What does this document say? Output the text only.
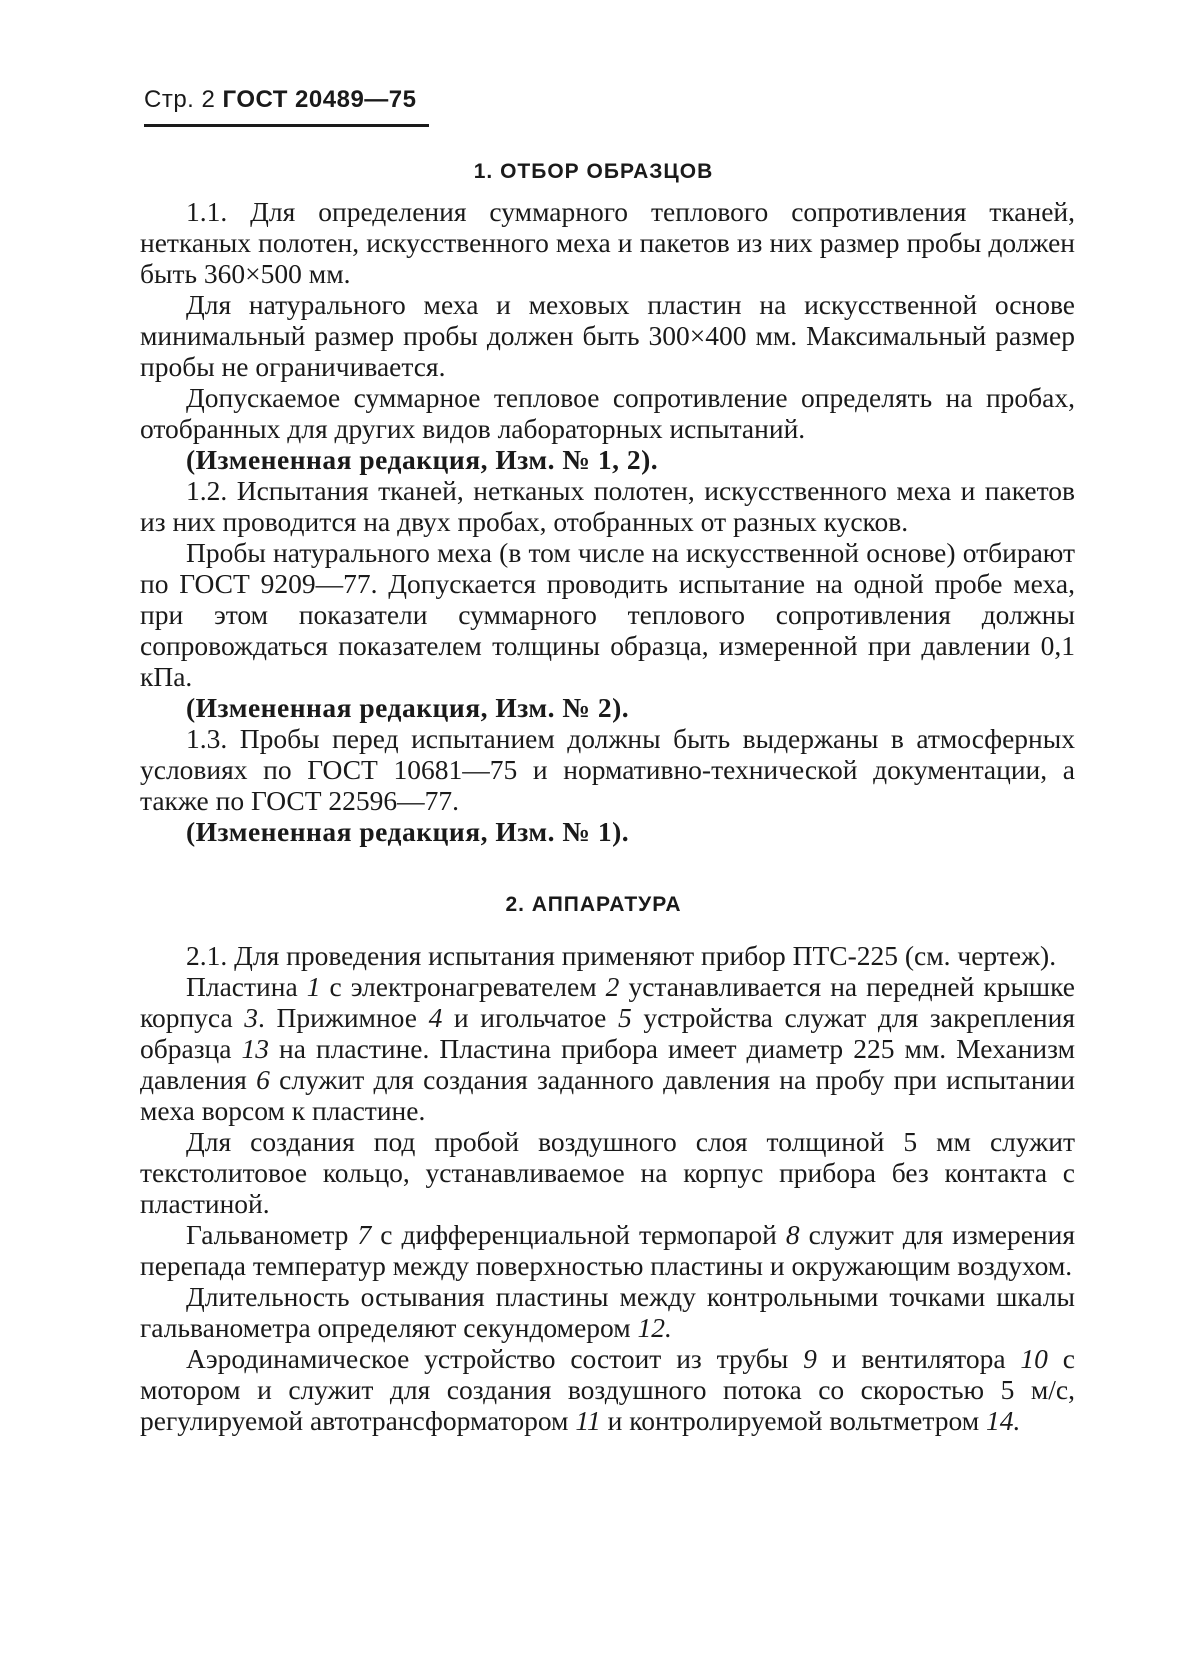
Стр. 2 ГОСТ 20489—75
1. ОТБОР ОБРАЗЦОВ

1.1. Для определения суммарного теплового сопротивления тканей, нетканых полотен, искусственного меха и пакетов из них размер пробы должен быть 360×500 мм.

Для натурального меха и меховых пластин на искусственной основе минимальный размер пробы должен быть 300×400 мм. Максимальный размер пробы не ограничивается.

Допускаемое суммарное тепловое сопротивление определять на пробах, отобранных для других видов лабораторных испытаний.

(Измененная редакция, Изм. № 1, 2).

1.2. Испытания тканей, нетканых полотен, искусственного меха и пакетов из них проводится на двух пробах, отобранных от разных кусков.

Пробы натурального меха (в том числе на искусственной основе) отбирают по ГОСТ 9209—77. Допускается проводить испытание на одной пробе меха, при этом показатели суммарного теплового сопротивления должны сопровождаться показателем толщины образца, измеренной при давлении 0,1 кПа.

(Измененная редакция, Изм. № 2).

1.3. Пробы перед испытанием должны быть выдержаны в атмосферных условиях по ГОСТ 10681—75 и нормативно-технической документации, а также по ГОСТ 22596—77.

(Измененная редакция, Изм. № 1).

2. АППАРАТУРА

2.1. Для проведения испытания применяют прибор ПТС-225 (см. чертеж).

Пластина 1 с электронагревателем 2 устанавливается на передней крышке корпуса 3. Прижимное 4 и игольчатое 5 устройства служат для закрепления образца 13 на пластине. Пластина прибора имеет диаметр 225 мм. Механизм давления 6 служит для создания заданного давления на пробу при испытании меха ворсом к пластине.

Для создания под пробой воздушного слоя толщиной 5 мм служит текстолитовое кольцо, устанавливаемое на корпус прибора без контакта с пластиной.

Гальванометр 7 с дифференциальной термопарой 8 служит для измерения перепада температур между поверхностью пластины и окружающим воздухом.

Длительность остывания пластины между контрольными точками шкалы гальванометра определяют секундомером 12.

Аэродинамическое устройство состоит из трубы 9 и вентилятора 10 с мотором и служит для создания воздушного потока со скоростью 5 м/с, регулируемой автотрансформатором 11 и контролируемой вольтметром 14.
